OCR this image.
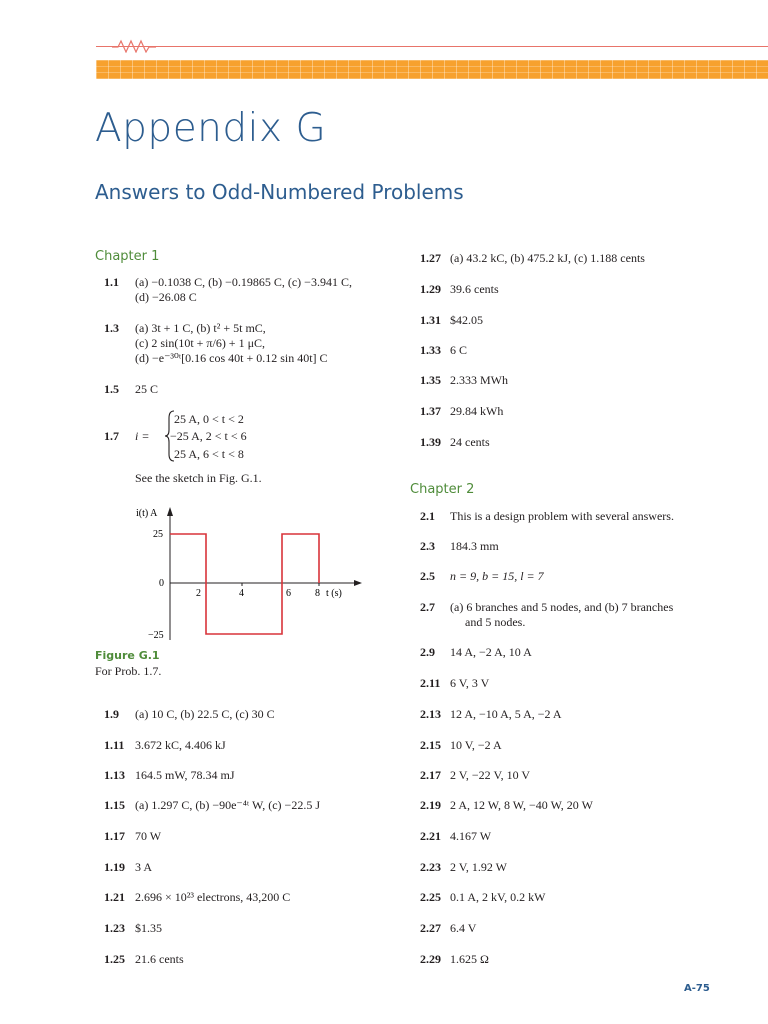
Appendix G
Answers to Odd-Numbered Problems
Chapter 1
1.1 (a) −0.1038 C, (b) −0.19865 C, (c) −3.941 C,
(d) −26.08 C
1.3 (a) 3t + 1 C, (b) t² + 5t mC,
(c) 2 sin(10t + π/6) + 1 μC,
(d) −e⁻³⁰ᵗ[0.16 cos 40t + 0.12 sin 40t] C
1.5 25 C
1.7 i =
25 A, 0 < t < 2
−25 A, 2 < t < 6
25 A, 6 < t < 8
See the sketch in Fig. G.1.
i(t) A
t (s)
25
0
−25
2	4	6 8
Figure G.1
For Prob. 1.7.
1.9 (a) 10 C, (b) 22.5 C, (c) 30 C
1.11 3.672 kC, 4.406 kJ
1.13 164.5 mW, 78.34 mJ
1.15 (a) 1.297 C, (b) −90e⁻⁴ᵗ W, (c) −22.5 J
1.17 70 W
1.19 3 A
1.21 2.696 × 10²³ electrons, 43,200 C
1.23 $1.35
1.25 21.6 cents
1.27 (a) 43.2 kC, (b) 475.2 kJ, (c) 1.188 cents
1.29 39.6 cents
1.31 $42.05
1.33 6 C
1.35 2.333 MWh
1.37 29.84 kWh
1.39 24 cents
Chapter 2
2.1 This is a design problem with several answers.
2.3 184.3 mm
2.5 n = 9, b = 15, l = 7
2.7 (a) 6 branches and 5 nodes, and (b) 7 branches
and 5 nodes.
2.9 14 A, −2 A, 10 A
2.11 6 V, 3 V
2.13 12 A, −10 A, 5 A, −2 A
2.15 10 V, −2 A
2.17 2 V, −22 V, 10 V
2.19 2 A, 12 W, 8 W, −40 W, 20 W
2.21 4.167 W
2.23 2 V, 1.92 W
2.25 0.1 A, 2 kV, 0.2 kW
2.27 6.4 V
2.29 1.625 Ω
A-75
